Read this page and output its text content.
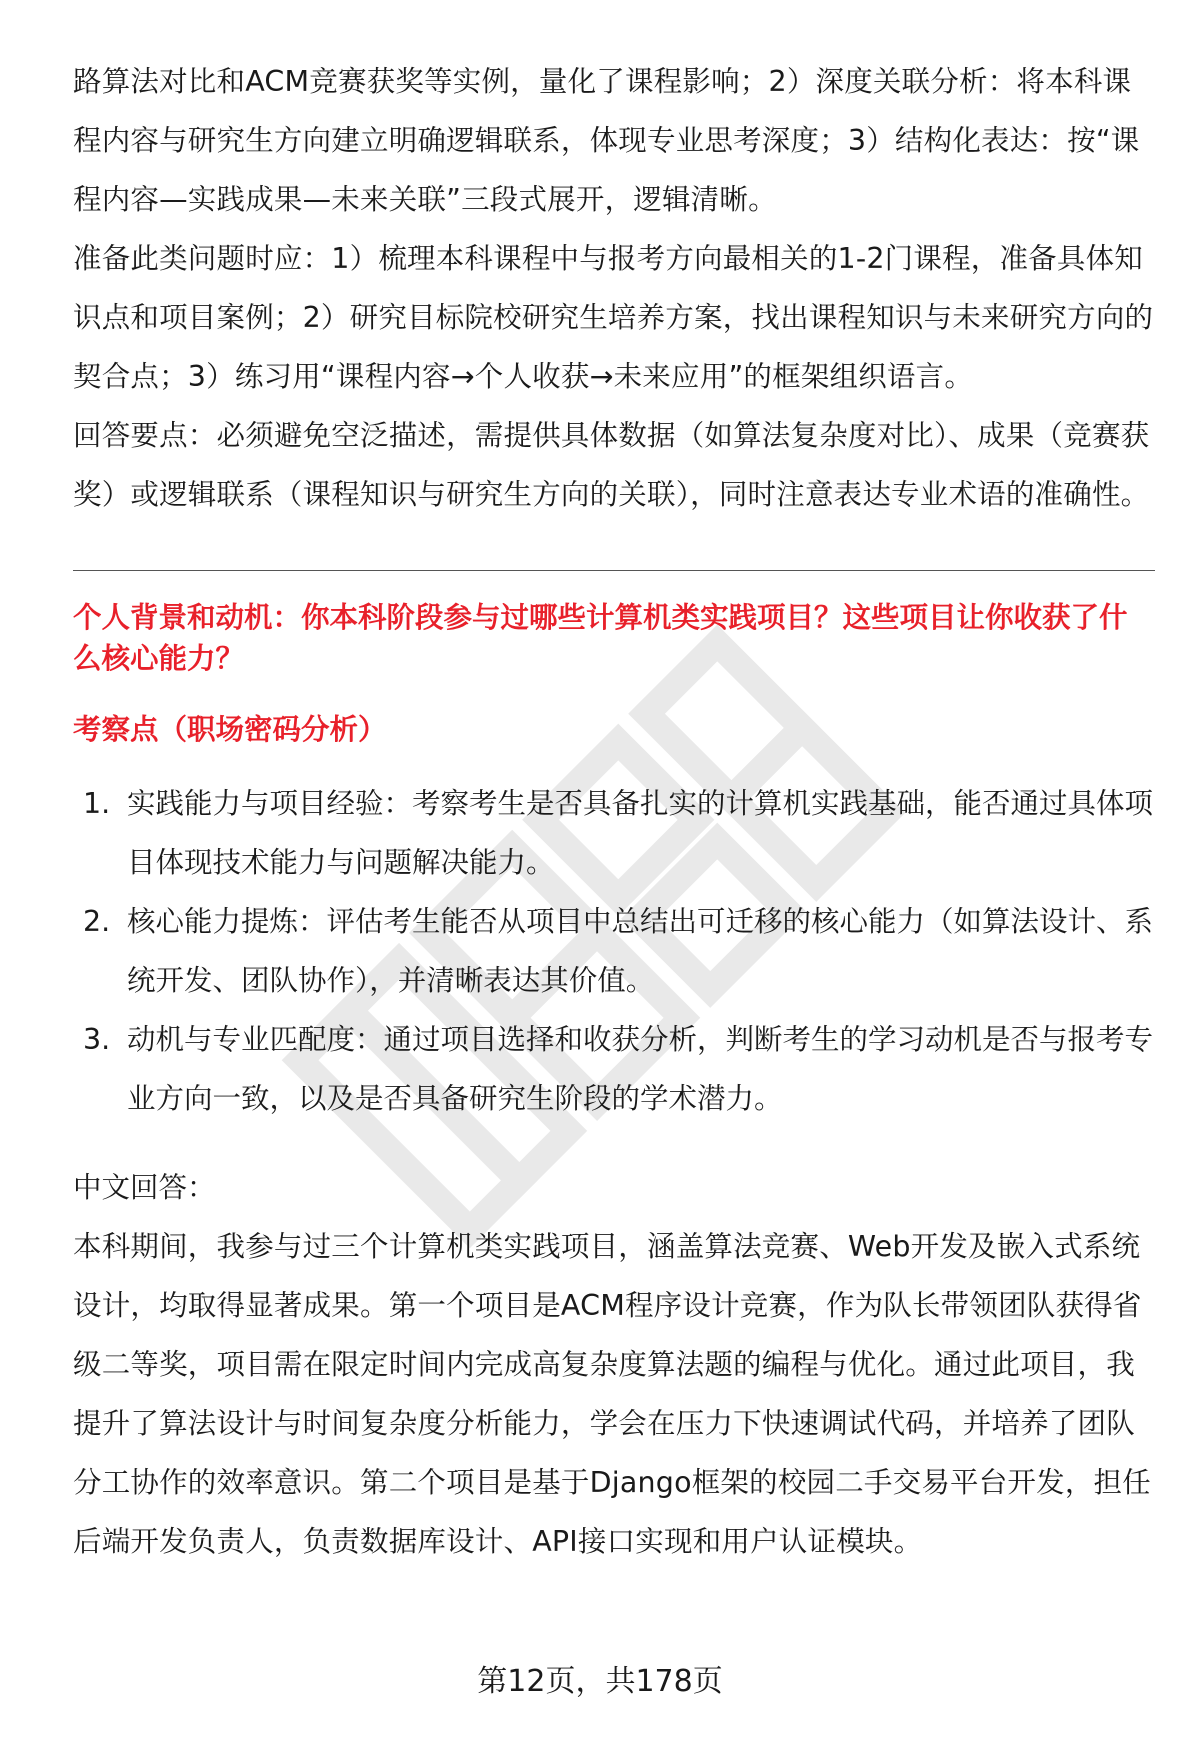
路算法对比和ACM竞赛获奖等实例，量化了课程影响；2）深度关联分析：将本科课程内容与研究生方向建立明确逻辑联系，体现专业思考深度；3）结构化表达：按“课程内容—实践成果—未来关联”三段式展开，逻辑清晰。

准备此类问题时应：1）梳理本科课程中与报考方向最相关的1-2门课程，准备具体知识点和项目案例；2）研究目标院校研究生培养方案，找出课程知识与未来研究方向的契合点；3）练习用“课程内容→个人收获→未来应用”的框架组织语言。

回答要点：必须避免空泛描述，需提供具体数据（如算法复杂度对比）、成果（竞赛获奖）或逻辑联系（课程知识与研究生方向的关联），同时注意表达专业术语的准确性。

个人背景和动机：你本科阶段参与过哪些计算机类实践项目？这些项目让你收获了什么核心能力？

考察点（职场密码分析）

1. 实践能力与项目经验：考察考生是否具备扎实的计算机实践基础，能否通过具体项目体现技术能力与问题解决能力。
2. 核心能力提炼：评估考生能否从项目中总结出可迁移的核心能力（如算法设计、系统开发、团队协作），并清晰表达其价值。
3. 动机与专业匹配度：通过项目选择和收获分析，判断考生的学习动机是否与报考专业方向一致，以及是否具备研究生阶段的学术潜力。

中文回答：

本科期间，我参与过三个计算机类实践项目，涵盖算法竞赛、Web开发及嵌入式系统设计，均取得显著成果。第一个项目是ACM程序设计竞赛，作为队长带领团队获得省级二等奖，项目需在限定时间内完成高复杂度算法题的编程与优化。通过此项目，我提升了算法设计与时间复杂度分析能力，学会在压力下快速调试代码，并培养了团队分工协作的效率意识。第二个项目是基于Django框架的校园二手交易平台开发，担任后端开发负责人，负责数据库设计、API接口实现和用户认证模块。

第12页，共178页
